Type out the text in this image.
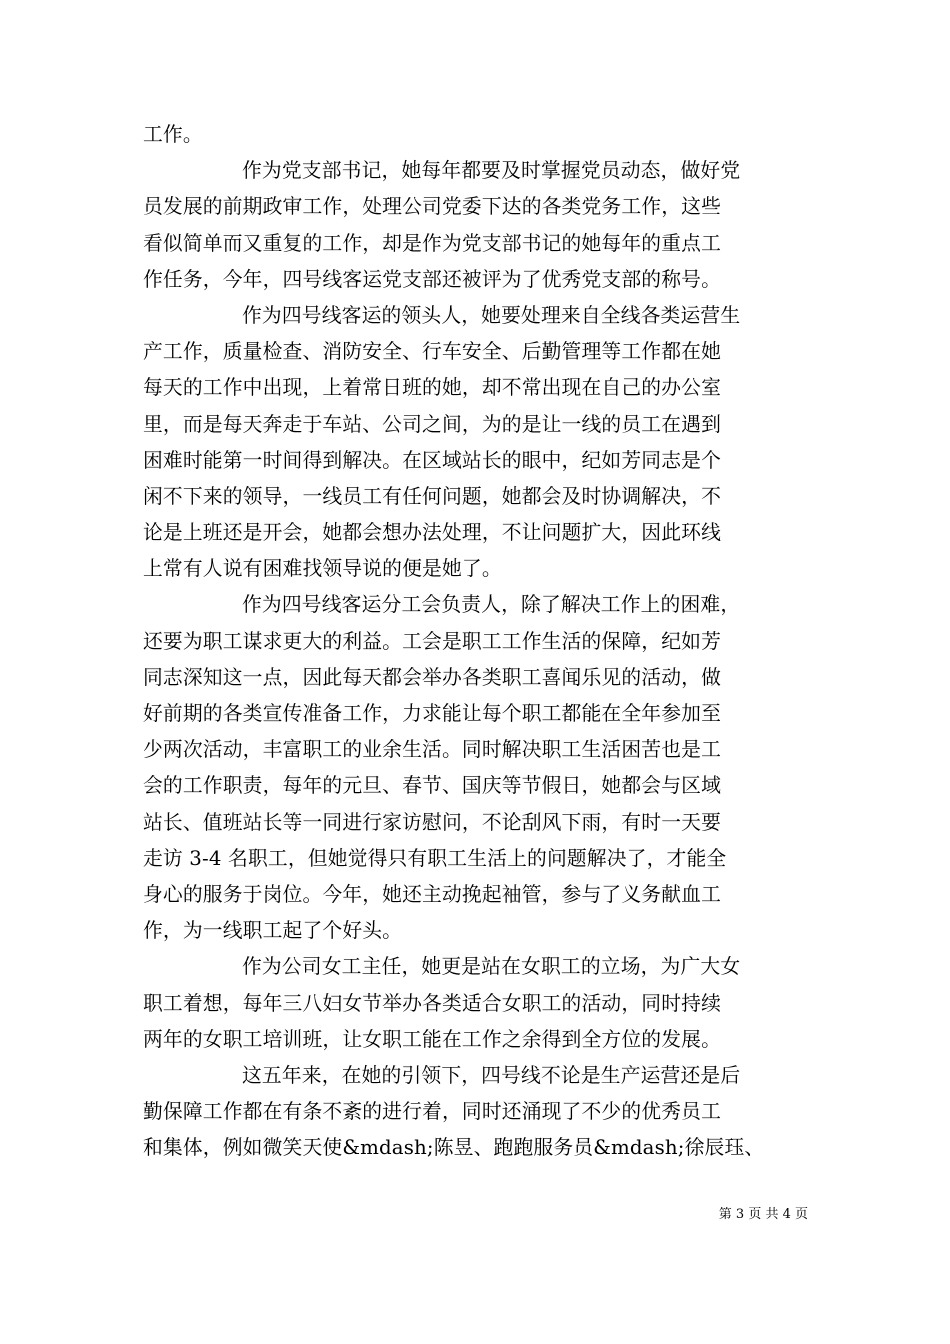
工作。
作为党支部书记，她每年都要及时掌握党员动态，做好党
员发展的前期政审工作，处理公司党委下达的各类党务工作，这些
看似简单而又重复的工作，却是作为党支部书记的她每年的重点工
作任务，今年，四号线客运党支部还被评为了优秀党支部的称号。
作为四号线客运的领头人，她要处理来自全线各类运营生
产工作，质量检查、消防安全、行车安全、后勤管理等工作都在她
每天的工作中出现，上着常日班的她，却不常出现在自己的办公室
里，而是每天奔走于车站、公司之间，为的是让一线的员工在遇到
困难时能第一时间得到解决。在区域站长的眼中，纪如芳同志是个
闲不下来的领导，一线员工有任何问题，她都会及时协调解决，不
论是上班还是开会，她都会想办法处理，不让问题扩大，因此环线
上常有人说有困难找领导说的便是她了。
作为四号线客运分工会负责人，除了解决工作上的困难，
还要为职工谋求更大的利益。工会是职工工作生活的保障，纪如芳
同志深知这一点，因此每天都会举办各类职工喜闻乐见的活动，做
好前期的各类宣传准备工作，力求能让每个职工都能在全年参加至
少两次活动，丰富职工的业余生活。同时解决职工生活困苦也是工
会的工作职责，每年的元旦、春节、国庆等节假日，她都会与区域
站长、值班站长等一同进行家访慰问，不论刮风下雨，有时一天要
走访 3-4 名职工，但她觉得只有职工生活上的问题解决了，才能全
身心的服务于岗位。今年，她还主动挽起袖管，参与了义务献血工
作，为一线职工起了个好头。
作为公司女工主任，她更是站在女职工的立场，为广大女
职工着想，每年三八妇女节举办各类适合女职工的活动，同时持续
两年的女职工培训班，让女职工能在工作之余得到全方位的发展。
这五年来，在她的引领下，四号线不论是生产运营还是后
勤保障工作都在有条不紊的进行着，同时还涌现了不少的优秀员工
和集体，例如微笑天使&mdash;陈昱、跑跑服务员&mdash;徐辰珏、
第 3 页 共 4 页
